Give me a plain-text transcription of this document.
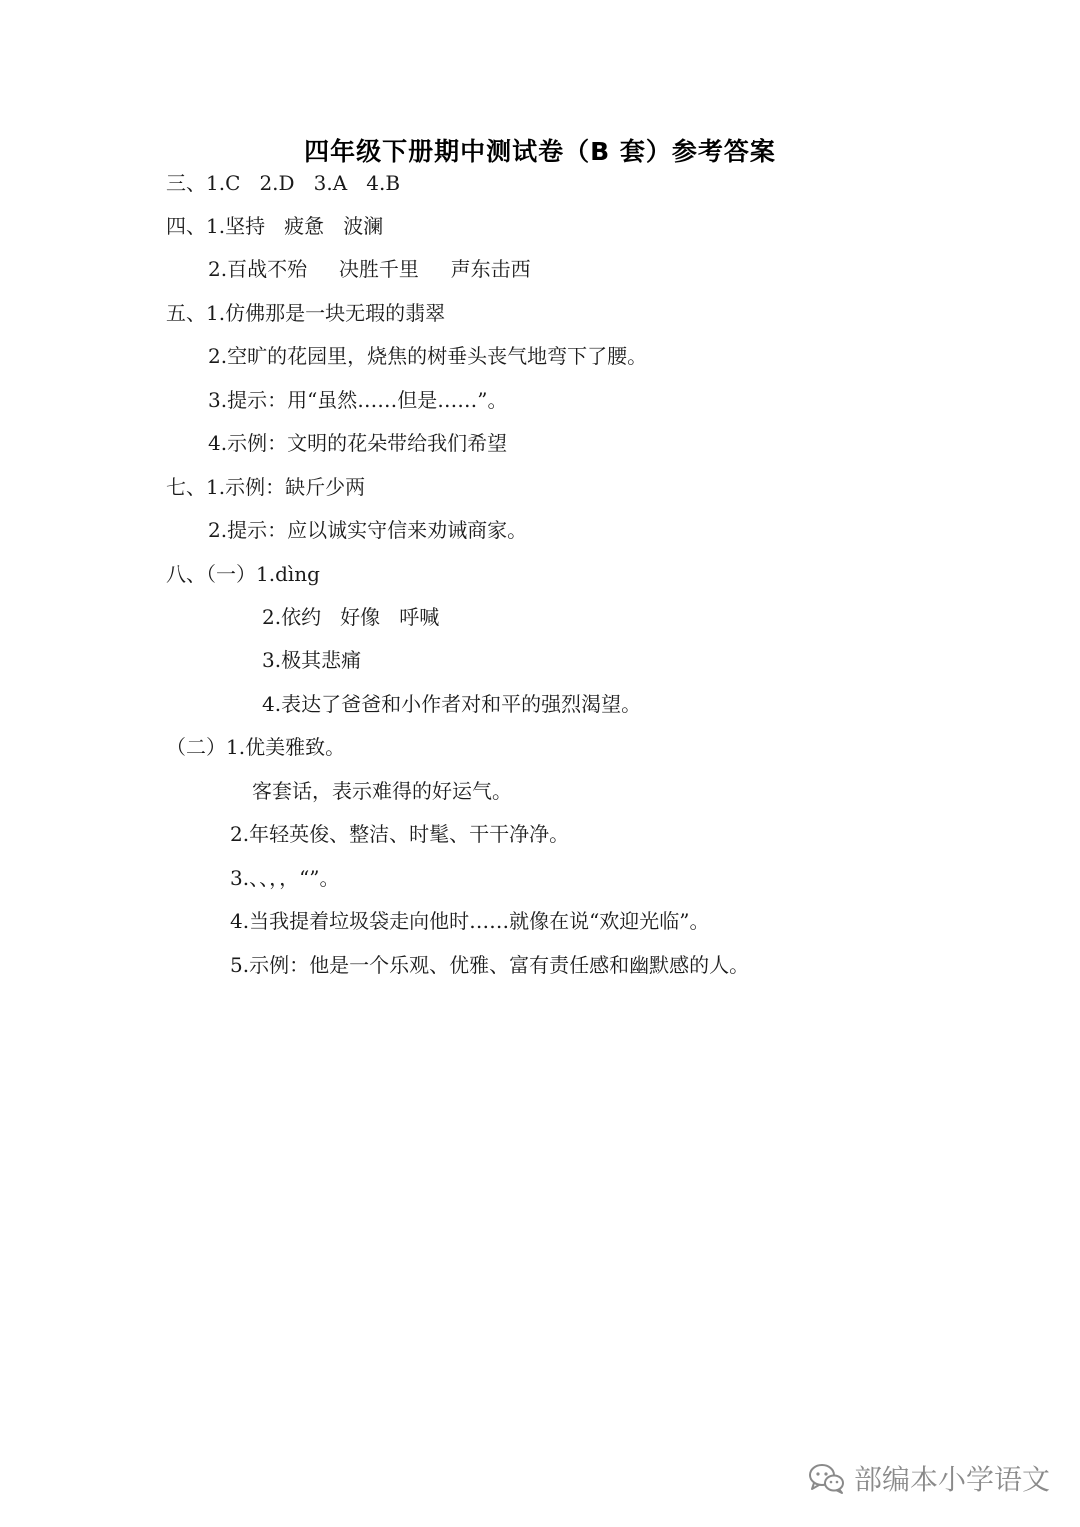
四年级下册期中测试卷（B 套）参考答案
三、1.C   2.D   3.A   4.B
四、1.坚持   疲惫   波澜
2.百战不殆     决胜千里     声东击西
五、1.仿佛那是一块无瑕的翡翠
2.空旷的花园里，烧焦的树垂头丧气地弯下了腰。
3.提示：用“虽然……但是……”。
4.示例：文明的花朵带给我们希望
七、1.示例：缺斤少两
2.提示：应以诚实守信来劝诫商家。
八、（一）1.dìng
2.依约   好像   呼喊
3.极其悲痛
4.表达了爸爸和小作者对和平的强烈渴望。
（二）1.优美雅致。
客套话，表示难得的好运气。
2.年轻英俊、整洁、时髦、干干净净。
3.、、，，“”。
4.当我提着垃圾袋走向他时……就像在说“欢迎光临”。
5.示例：他是一个乐观、优雅、富有责任感和幽默感的人。
部编本小学语文
